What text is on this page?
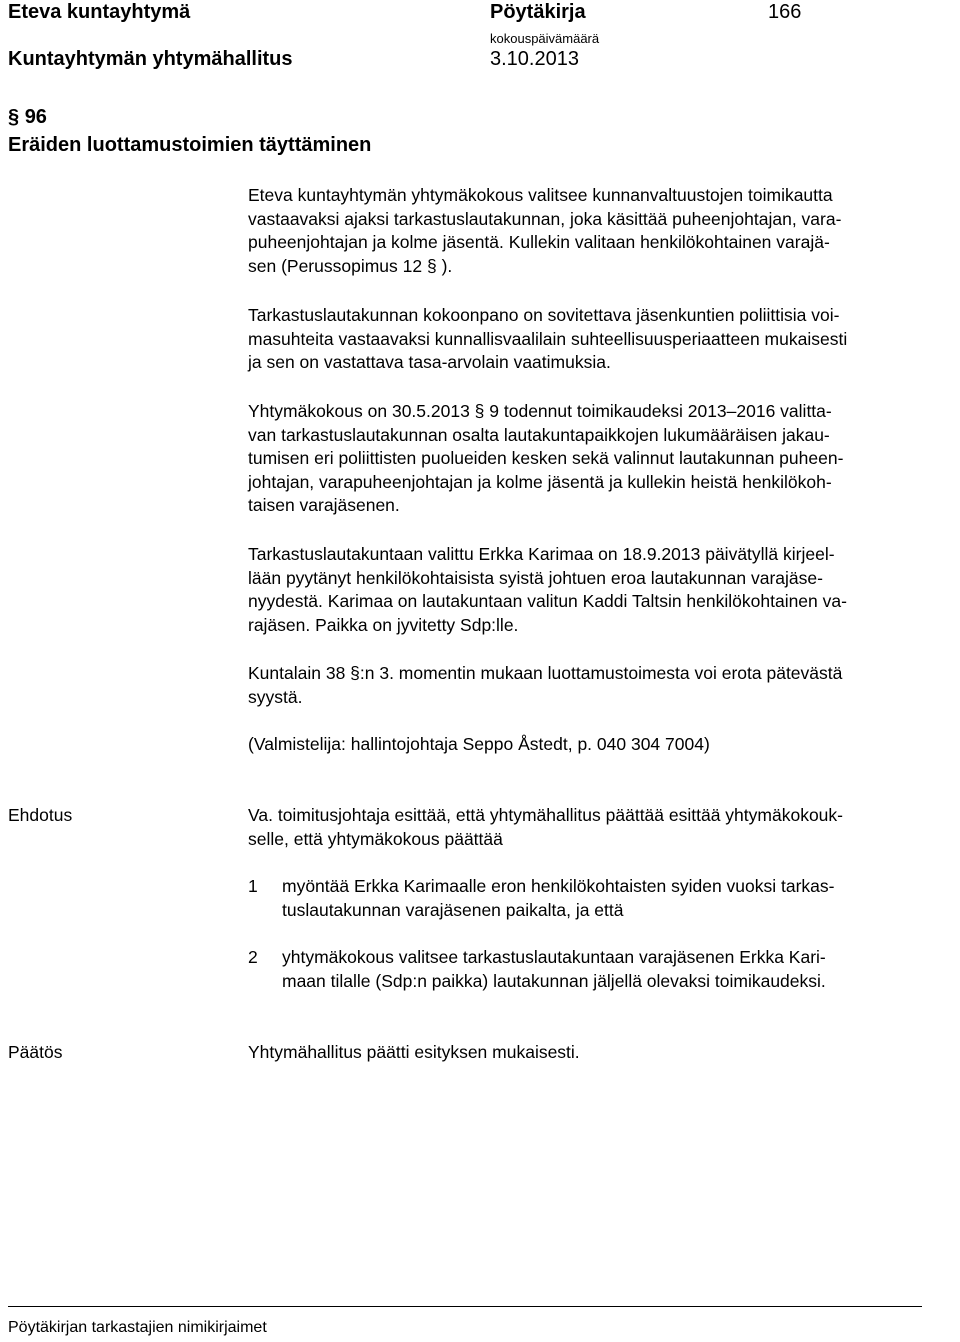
Eteva kuntayhtymä	Pöytäkirja	166
Kuntayhtymän yhtymähallitus
kokouspäivämäärä
3.10.2013
§ 96
Eräiden luottamustoimien täyttäminen
Eteva kuntayhtymän yhtymäkokous valitsee kunnanvaltuustojen toimikautta
vastaavaksi ajaksi tarkastuslautakunnan, joka käsittää puheenjohtajan, vara-
puheenjohtajan ja kolme jäsentä. Kullekin valitaan henkilökohtainen varajä-
sen (Perussopimus 12 § ).
Tarkastuslautakunnan kokoonpano on sovitettava jäsenkuntien poliittisia voi-
masuhteita vastaavaksi kunnallisvaalilain suhteellisuusperiaatteen mukaisesti
ja sen on vastattava tasa-arvolain vaatimuksia.
Yhtymäkokous on 30.5.2013 § 9 todennut toimikaudeksi 2013–2016 valitta-
van tarkastuslautakunnan osalta lautakuntapaikkojen lukumääräisen jakau-
tumisen eri poliittisten puolueiden kesken sekä valinnut lautakunnan puheen-
johtajan, varapuheenjohtajan ja kolme jäsentä ja kullekin heistä henkilökoh-
taisen varajäsenen.
Tarkastuslautakuntaan valittu Erkka Karimaa on 18.9.2013 päivätyllä kirjeel-
lään pyytänyt henkilökohtaisista syistä johtuen eroa lautakunnan varajäse-
nyydestä. Karimaa on lautakuntaan valitun Kaddi Taltsin henkilökohtainen va-
rajäsen. Paikka on jyvitetty Sdp:lle.
Kuntalain 38 §:n 3. momentin mukaan luottamustoimesta voi erota pätevästä
syystä.
(Valmistelija: hallintojohtaja Seppo Åstedt, p. 040 304 7004)
Ehdotus	Va. toimitusjohtaja esittää, että yhtymähallitus päättää esittää yhtymäkokouk-
selle, että yhtymäkokous päättää
1 myöntää Erkka Karimaalle eron henkilökohtaisten syiden vuoksi tarkas-
tuslautakunnan varajäsenen paikalta, ja että
2 yhtymäkokous valitsee tarkastuslautakuntaan varajäsenen Erkka Kari-
maan tilalle (Sdp:n paikka) lautakunnan jäljellä olevaksi toimikaudeksi.
Päätös	Yhtymähallitus päätti esityksen mukaisesti.
Pöytäkirjan tarkastajien nimikirjaimet
